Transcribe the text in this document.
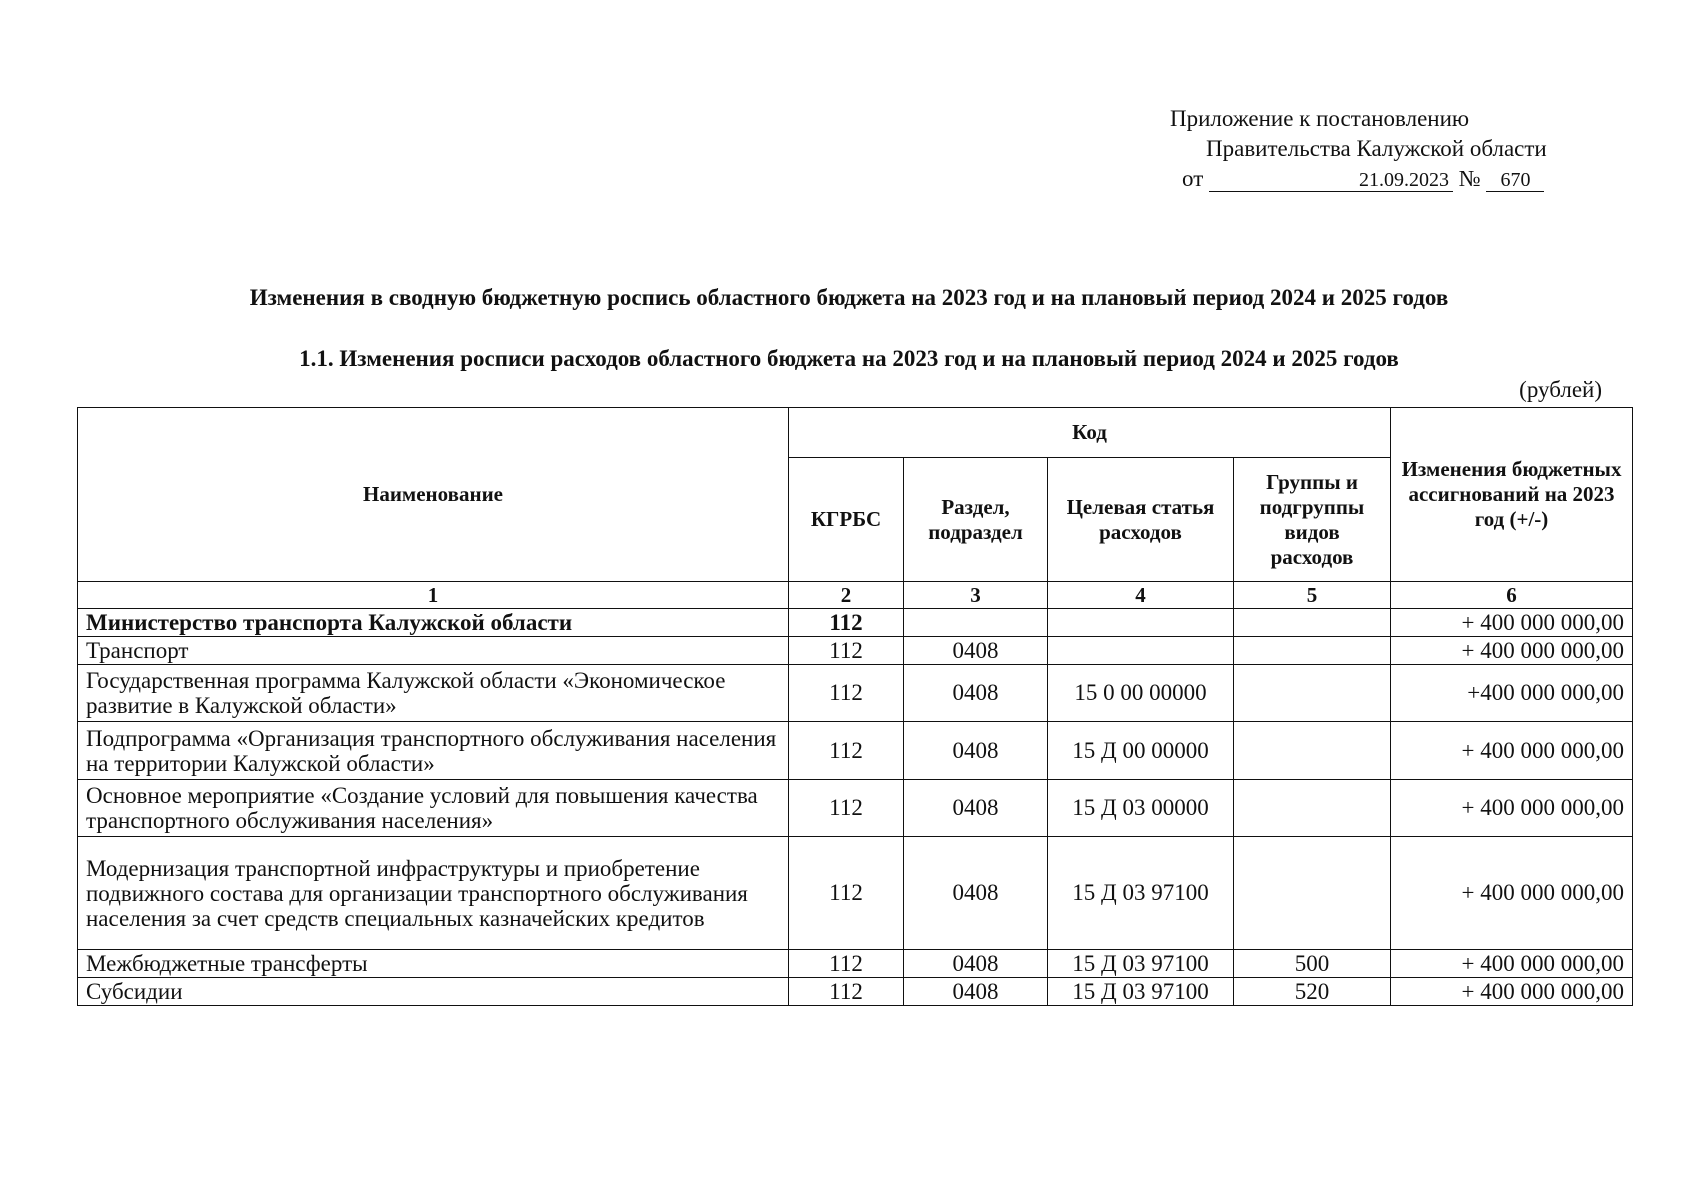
Приложение к постановлению
Правительства Калужской области
от	21.09.2023 № 670
Изменения в сводную бюджетную роспись областного бюджета на 2023 год и на плановый период 2024 и 2025 годов
1.1. Изменения росписи расходов областного бюджета на 2023 год и на плановый период 2024 и 2025 годов
(рублей)
Наименование	Код				Изменения бюджетных ассигнований на 2023 год (+/-)
	КГРБС	Раздел, подраздел	Целевая статья расходов	Группы и подгруппы видов расходов	
1	2	3	4	5	6
Министерство транспорта Калужской области	112				+ 400 000 000,00
Транспорт	112	0408			+ 400 000 000,00
Государственная программа Калужской области «Экономическое развитие в Калужской области»	112	0408	15 0 00 00000		+400 000 000,00
Подпрограмма «Организация транспортного обслуживания населения на территории Калужской области»	112	0408	15 Д 00 00000		+ 400 000 000,00
Основное мероприятие «Создание условий для повышения качества транспортного обслуживания населения»	112	0408	15 Д 03 00000		+ 400 000 000,00
Модернизация транспортной инфраструктуры и приобретение подвижного состава для организации транспортного обслуживания населения за счет средств специальных казначейских кредитов	112	0408	15 Д 03 97100		+ 400 000 000,00
Межбюджетные трансферты	112	0408	15 Д 03 97100	500	+ 400 000 000,00
Субсидии	112	0408	15 Д 03 97100	520	+ 400 000 000,00
